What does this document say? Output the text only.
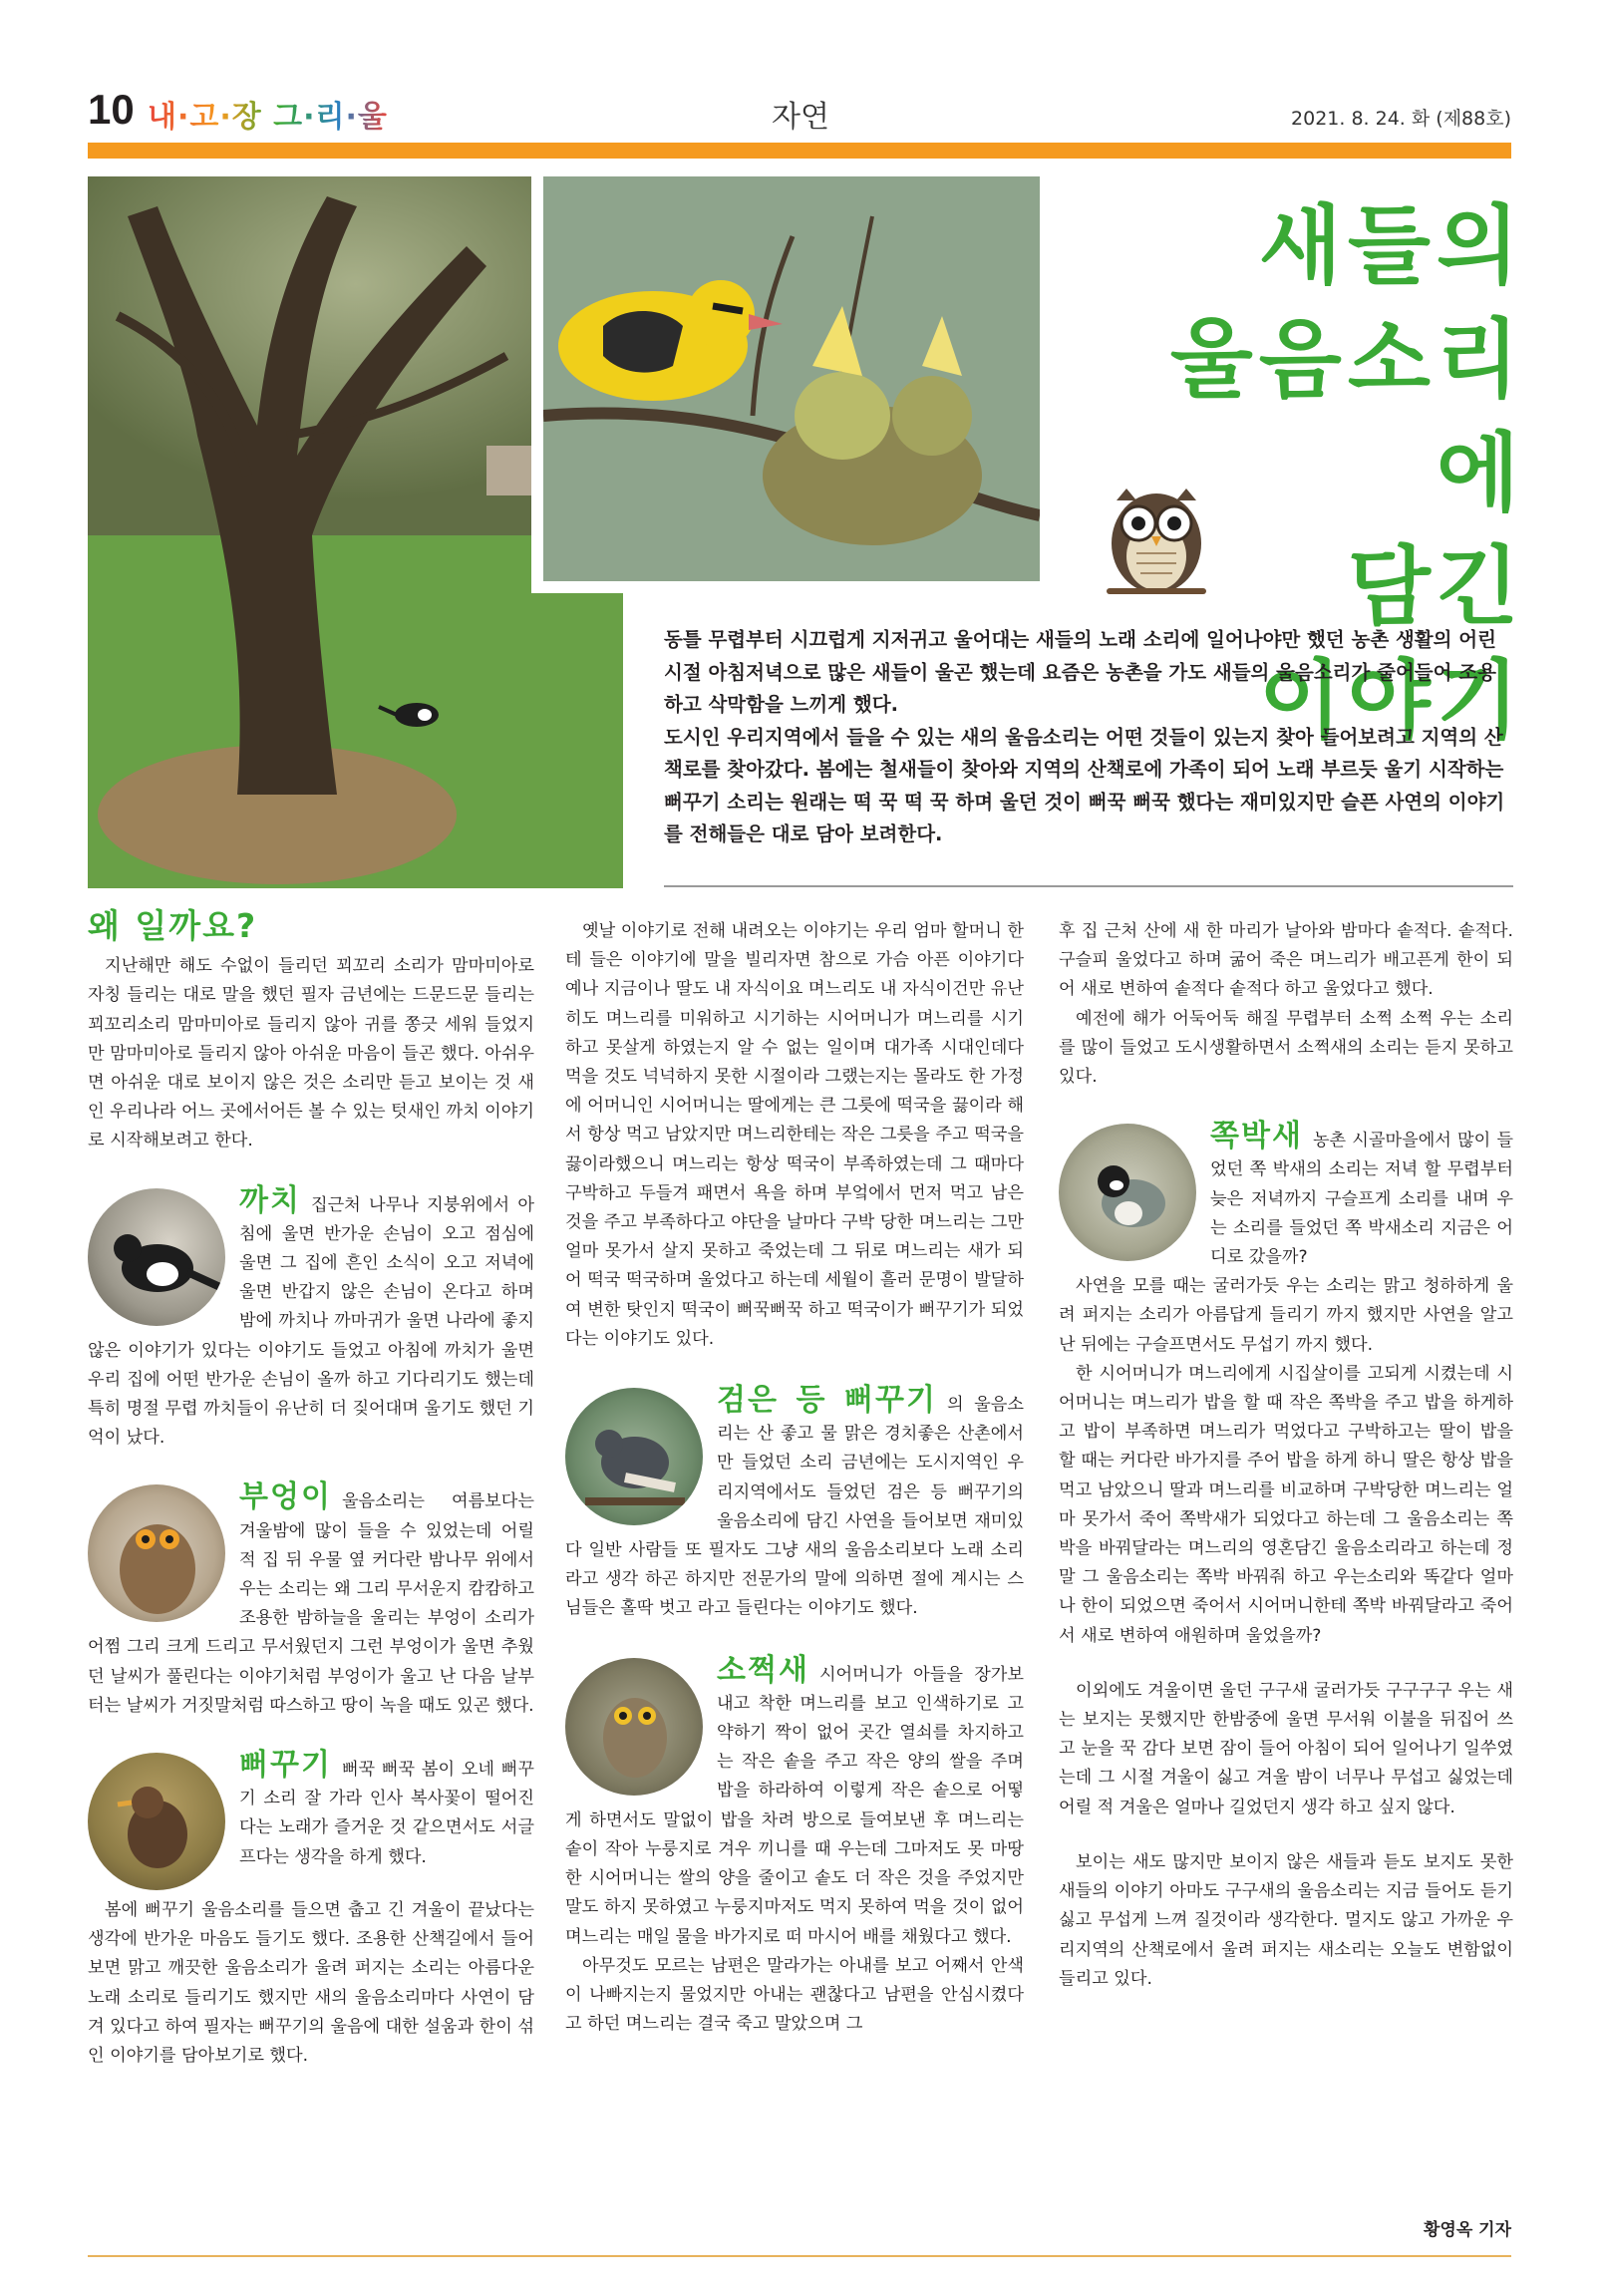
10 내·고·장 그·리·울	자연	2021. 8. 24. 화 (제88호)
새들의
울음소리에
담긴
이야기

동틀 무렵부터 시끄럽게 지저귀고 울어대는 새들의 노래 소리에 일어나야만 했던 농촌 생활의 어린 시절 아침저녁으로 많은 새들이 울곤 했는데 요즘은 농촌을 가도 새들의 울음소리가 줄어들어 조용하고 삭막함을 느끼게 했다.

도시인 우리지역에서 들을 수 있는 새의 울음소리는 어떤 것들이 있는지 찾아 들어보려고 지역의 산책로를 찾아갔다. 봄에는 철새들이 찾아와 지역의 산책로에 가족이 되어 노래 부르듯 울기 시작하는 뻐꾸기 소리는 원래는 떡 꾹 떡 꾹 하며 울던 것이 뻐꾹 뻐꾹 했다는 재미있지만 슬픈 사연의 이야기를 전해들은 대로 담아 보려한다.

왜 일까요?

지난해만 해도 수없이 들리던 꾀꼬리 소리가 맘마미아로 자칭 들리는 대로 말을 했던 필자 금년에는 드문드문 들리는 꾀꼬리소리 맘마미아로 들리지 않아 귀를 쫑긋 세워 들었지만 맘마미아로 들리지 않아 아쉬운 마음이 들곤 했다. 아쉬우면 아쉬운 대로 보이지 않은 것은 소리만 듣고 보이는 것 새인 우리나라 어느 곳에서어든 볼 수 있는 텃새인 까치 이야기로 시작해보려고 한다.

까치 집근처 나무나 지붕위에서 아침에 울면 반가운 손님이 오고 점심에 울면 그 집에 흔인 소식이 오고 저녁에 울면 반갑지 않은 손님이 온다고 하며 밤에 까치나 까마귀가 울면 나라에 좋지 않은 이야기가 있다는 이야기도 들었고 아침에 까치가 울면 우리 집에 어떤 반가운 손님이 올까 하고 기다리기도 했는데 특히 명절 무렵 까치들이 유난히 더 짖어대며 울기도 했던 기억이 났다.
부엉이 울음소리는 여름보다는 겨울밤에 많이 들을 수 있었는데 어릴 적 집 뒤 우물 옆 커다란 밤나무 위에서 우는 소리는 왜 그리 무서운지 캄캄하고 조용한 밤하늘을 울리는 부엉이 소리가 어쩜 그리 크게 드리고 무서웠던지 그런 부엉이가 울면 추웠던 날씨가 풀린다는 이야기처럼 부엉이가 울고 난 다음 날부터는 날씨가 거짓말처럼 따스하고 땅이 녹을 때도 있곤 했다.
뻐꾸기 뻐꾹 뻐꾹 봄이 오네 뻐꾸기 소리 잘 가라 인사 복사꽃이 떨어진다는 노래가 즐거운 것 같으면서도 서글프다는 생각을 하게 했다.

봄에 뻐꾸기 울음소리를 들으면 춥고 긴 겨울이 끝났다는 생각에 반가운 마음도 들기도 했다. 조용한 산책길에서 들어보면 맑고 깨끗한 울음소리가 울려 퍼지는 소리는 아름다운 노래 소리로 들리기도 했지만 새의 울음소리마다 사연이 담겨 있다고 하여 필자는 뻐꾸기의 울음에 대한 설움과 한이 섞인 이야기를 담아보기로 했다.

옛날 이야기로 전해 내려오는 이야기는 우리 엄마 할머니 한테 들은 이야기에 말을 빌리자면 참으로 가슴 아픈 이야기다 예나 지금이나 딸도 내 자식이요 며느리도 내 자식이건만 유난히도 며느리를 미워하고 시기하는 시어머니가 며느리를 시기하고 못살게 하였는지 알 수 없는 일이며 대가족 시대인데다 먹을 것도 넉넉하지 못한 시절이라 그랬는지는 몰라도 한 가정에 어머니인 시어머니는 딸에게는 큰 그릇에 떡국을 끓이라 해서 항상 먹고 남았지만 며느리한테는 작은 그릇을 주고 떡국을 끓이라했으니 며느리는 항상 떡국이 부족하였는데 그 때마다 구박하고 두들겨 패면서 욕을 하며 부엌에서 먼저 먹고 남은 것을 주고 부족하다고 야단을 날마다 구박 당한 며느리는 그만 얼마 못가서 살지 못하고 죽었는데 그 뒤로 며느리는 새가 되어 떡국 떡국하며 울었다고 하는데 세월이 흘러 문명이 발달하여 변한 탓인지 떡국이 뻐꾹뻐꾹 하고 떡국이가 뻐꾸기가 되었다는 이야기도 있다.

검은 등 뻐꾸기 의 울음소리는 산 좋고 물 맑은 경치좋은 산촌에서만 들었던 소리 금년에는 도시지역인 우리지역에서도 들었던 검은 등 뻐꾸기의 울음소리에 담긴 사연을 들어보면 재미있다 일반 사람들 또 필자도 그냥 새의 울음소리보다 노래 소리라고 생각 하곤 하지만 전문가의 말에 의하면 절에 계시는 스님들은 홀딱 벗고 라고 들린다는 이야기도 했다.
소쩍새 시어머니가 아들을 장가보내고 착한 며느리를 보고 인색하기로 고약하기 짝이 없어 곳간 열쇠를 차지하고는 작은 솥을 주고 작은 양의 쌀을 주며 밥을 하라하여 이렇게 작은 솥으로 어떻게 하면서도 말없이 밥을 차려 방으로 들여보낸 후 며느리는 솥이 작아 누룽지로 겨우 끼니를 때 우는데 그마저도 못 마땅한 시어머니는 쌀의 양을 줄이고 솥도 더 작은 것을 주었지만 말도 하지 못하였고 누룽지마저도 먹지 못하여 먹을 것이 없어 며느리는 매일 물을 바가지로 떠 마시어 배를 채웠다고 했다.

아무것도 모르는 남편은 말라가는 아내를 보고 어째서 안색이 나빠지는지 물었지만 아내는 괜찮다고 남편을 안심시켰다고 하던 며느리는 결국 죽고 말았으며 그

후 집 근처 산에 새 한 마리가 날아와 밤마다 솥적다. 솥적다. 구슬피 울었다고 하며 굶어 죽은 며느리가 배고픈게 한이 되어 새로 변하여 솥적다 솥적다 하고 울었다고 했다.

예전에 해가 어둑어둑 해질 무렵부터 소쩍 소쩍 우는 소리를 많이 들었고 도시생활하면서 소쩍새의 소리는 듣지 못하고 있다.

쪽박새 농촌 시골마을에서 많이 들었던 쪽 박새의 소리는 저녁 할 무렵부터 늦은 저녁까지 구슬프게 소리를 내며 우는 소리를 들었던 쪽 박새소리 지금은 어디로 갔을까?

사연을 모를 때는 굴러가듯 우는 소리는 맑고 청하하게 울려 퍼지는 소리가 아름답게 들리기 까지 했지만 사연을 알고 난 뒤에는 구슬프면서도 무섭기 까지 했다.

한 시어머니가 며느리에게 시집살이를 고되게 시켰는데 시어머니는 며느리가 밥을 할 때 작은 쪽박을 주고 밥을 하게하고 밥이 부족하면 며느리가 먹었다고 구박하고는 딸이 밥을 할 때는 커다란 바가지를 주어 밥을 하게 하니 딸은 항상 밥을 먹고 남았으니 딸과 며느리를 비교하며 구박당한 며느리는 얼마 못가서 죽어 쪽박새가 되었다고 하는데 그 울음소리는 쪽박을 바꿔달라는 며느리의 영혼담긴 울음소리라고 하는데 정말 그 울음소리는 쪽박 바꿔줘 하고 우는소리와 똑같다 얼마나 한이 되었으면 죽어서 시어머니한테 쪽박 바꿔달라고 죽어서 새로 변하여 애원하며 울었을까?

이외에도 겨울이면 울던 구구새 굴러가듯 구구구구 우는 새는 보지는 못했지만 한밤중에 울면 무서워 이불을 뒤집어 쓰고 눈을 꾹 감다 보면 잠이 들어 아침이 되어 일어나기 일쑤였는데 그 시절 겨울이 싫고 겨울 밤이 너무나 무섭고 싫었는데 어릴 적 겨울은 얼마나 길었던지 생각 하고 싶지 않다.

보이는 새도 많지만 보이지 않은 새들과 듣도 보지도 못한 새들의 이야기 아마도 구구새의 울음소리는 지금 들어도 듣기 싫고 무섭게 느껴 질것이라 생각한다. 멀지도 않고 가까운 우리지역의 산책로에서 울려 퍼지는 새소리는 오늘도 변함없이 들리고 있다.

황영옥 기자
